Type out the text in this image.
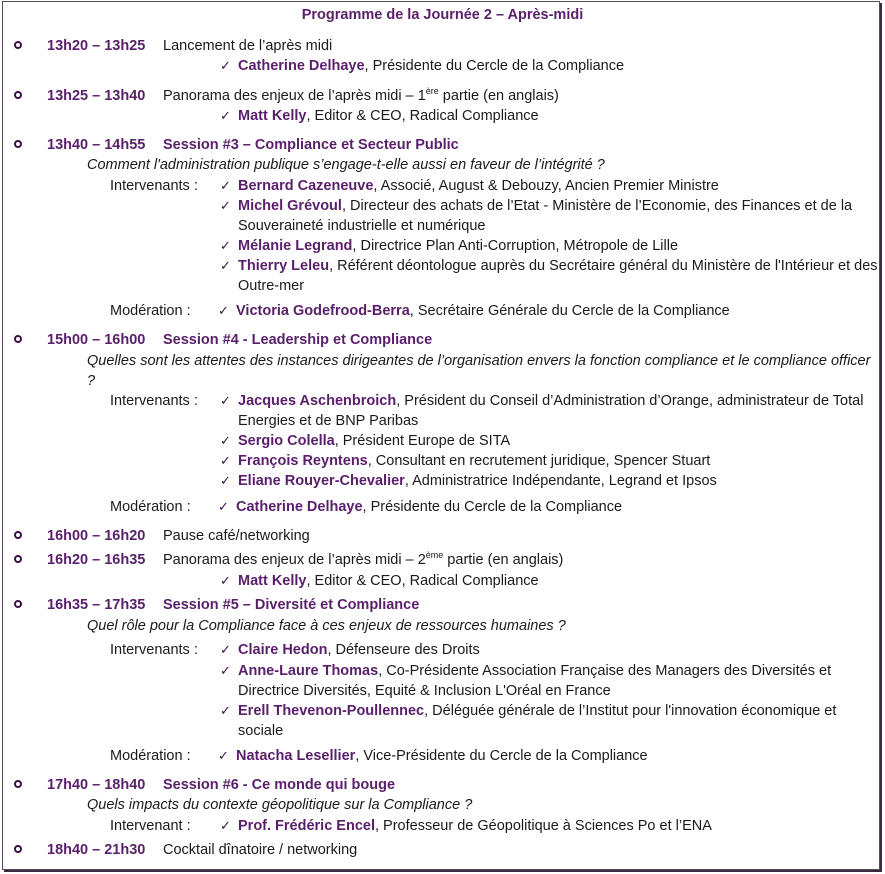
Programme de la Journée 2 – Après-midi
13h20 – 13h25 Lancement de l’après midi
✓ Catherine Delhaye, Présidente du Cercle de la Compliance
13h25 – 13h40 Panorama des enjeux de l’après midi – 1ère partie (en anglais)
✓ Matt Kelly, Editor & CEO, Radical Compliance
13h40 – 14h55 Session #3 – Compliance et Secteur Public
Comment l'administration publique s’engage-t-elle aussi en faveur de l’intégrité ?
Intervenants : ✓ Bernard Cazeneuve, Associé, August & Debouzy, Ancien Premier Ministre
✓ Michel Grévoul, Directeur des achats de l’Etat - Ministère de l’Economie, des Finances et de la Souveraineté industrielle et numérique
✓ Mélanie Legrand, Directrice Plan Anti-Corruption, Métropole de Lille
✓ Thierry Leleu, Référent déontologue auprès du Secrétaire général du Ministère de l'Intérieur et des Outre-mer
Modération : ✓ Victoria Godefrood-Berra, Secrétaire Générale du Cercle de la Compliance
15h00 – 16h00 Session #4 - Leadership et Compliance
Quelles sont les attentes des instances dirigeantes de l’organisation envers la fonction compliance et le compliance officer ?
Intervenants : ✓ Jacques Aschenbroich, Président du Conseil d’Administration d’Orange, administrateur de Total Energies et de BNP Paribas
✓ Sergio Colella, Président Europe de SITA
✓ François Reyntens, Consultant en recrutement juridique, Spencer Stuart
✓ Eliane Rouyer-Chevalier, Administratrice Indépendante, Legrand et Ipsos
Modération : ✓ Catherine Delhaye, Présidente du Cercle de la Compliance
16h00 – 16h20 Pause café/networking
16h20 – 16h35 Panorama des enjeux de l’après midi – 2ème partie (en anglais)
✓ Matt Kelly, Editor & CEO, Radical Compliance
16h35 – 17h35 Session #5 – Diversité et Compliance
Quel rôle pour la Compliance face à ces enjeux de ressources humaines ?
Intervenants : ✓ Claire Hedon, Défenseure des Droits
✓ Anne-Laure Thomas, Co-Présidente Association Française des Managers des Diversités et Directrice Diversités, Equité & Inclusion L'Oréal en France
✓ Erell Thevenon-Poullennec, Déléguée générale de l’Institut pour l'innovation économique et sociale
Modération : ✓ Natacha Lesellier, Vice-Présidente du Cercle de la Compliance
17h40 – 18h40 Session #6 - Ce monde qui bouge
Quels impacts du contexte géopolitique sur la Compliance ?
Intervenant : ✓ Prof. Frédéric Encel, Professeur de Géopolitique à Sciences Po et l’ENA
18h40 – 21h30 Cocktail dînatoire / networking
